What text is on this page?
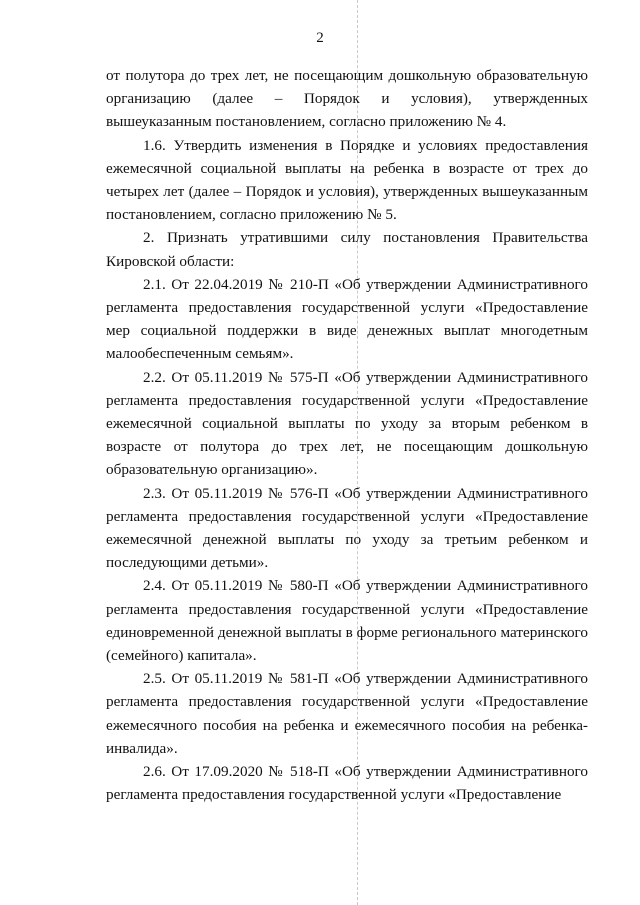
2

от полутора до трех лет, не посещающим дошкольную образовательную организацию (далее – Порядок и условия), утвержденных вышеуказанным постановлением, согласно приложению № 4.

1.6. Утвердить изменения в Порядке и условиях предоставления ежемесячной социальной выплаты на ребенка в возрасте от трех до четырех лет (далее – Порядок и условия), утвержденных вышеуказанным постановлением, согласно приложению № 5.

2. Признать утратившими силу постановления Правительства Кировской области:

2.1. От 22.04.2019 № 210-П «Об утверждении Административного регламента предоставления государственной услуги «Предоставление мер социальной поддержки в виде денежных выплат многодетным малообеспеченным семьям».

2.2. От 05.11.2019 № 575-П «Об утверждении Административного регламента предоставления государственной услуги «Предоставление ежемесячной социальной выплаты по уходу за вторым ребенком в возрасте от полутора до трех лет, не посещающим дошкольную образовательную организацию».

2.3. От 05.11.2019 № 576-П «Об утверждении Административного регламента предоставления государственной услуги «Предоставление ежемесячной денежной выплаты по уходу за третьим ребенком и последующими детьми».

2.4. От 05.11.2019 № 580-П «Об утверждении Административного регламента предоставления государственной услуги «Предоставление единовременной денежной выплаты в форме регионального материнского (семейного) капитала».

2.5. От 05.11.2019 № 581-П «Об утверждении Административного регламента предоставления государственной услуги «Предоставление ежемесячного пособия на ребенка и ежемесячного пособия на ребенка-инвалида».

2.6. От 17.09.2020 № 518-П «Об утверждении Административного регламента предоставления государственной услуги «Предоставление
